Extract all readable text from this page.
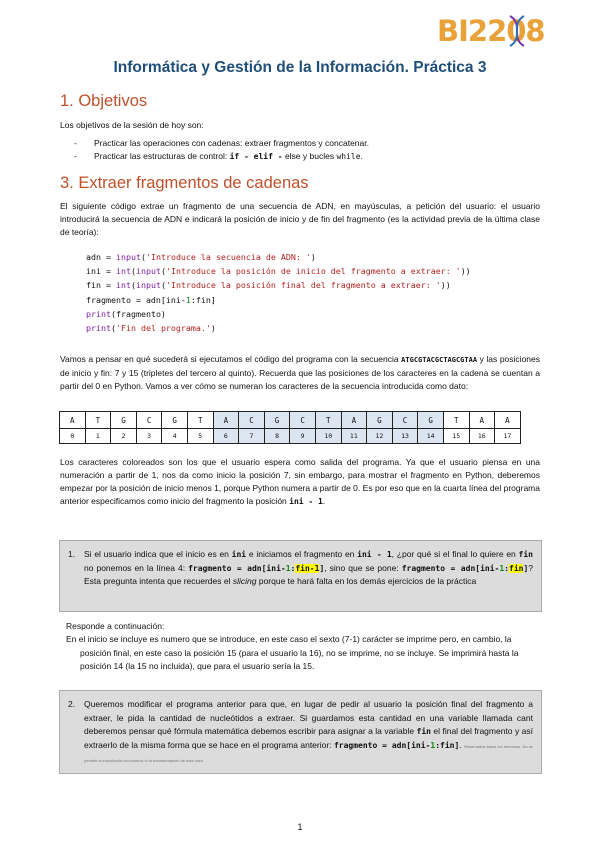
BI2208
Informática y Gestión de la Información. Práctica 3
1. Objetivos
Los objetivos de la sesión de hoy son:
- Practicar las operaciones con cadenas: extraer fragmentos y concatenar.
- Practicar las estructuras de control: if - elif - else y bucles while.
3. Extraer fragmentos de cadenas
El siguiente código extrae un fragmento de una secuencia de ADN, en mayúsculas, a petición del usuario: el usuario introducirá la secuencia de ADN e indicará la posición de inicio y de fin del fragmento (es la actividad previa de la última clase de teoría):
adn = input('Introduce la secuencia de ADN: ')
ini = int(input('Introduce la posición de inicio del fragmento a extraer: '))
fin = int(input('Introduce la posición final del fragmento a extraer: '))
fragmento = adn[ini-1:fin]
print(fragmento)
print('Fin del programa.')
Vamos a pensar en qué sucederá si ejecutamos el código del programa con la secuencia ATGCGTACGCTAGCGTAA y las posiciones de inicio y fin: 7 y 15 (tripletes del tercero al quinto). Recuerda que las posiciones de los caracteres en la cadena se cuentan a partir del 0 en Python. Vamos a ver cómo se numeran los caracteres de la secuencia introducida como dato:
A	T	G	C	G	T	A	C	G	C	T	A	G	C	G	T	A	A
0	1	2	3	4	5	6	7	8	9	10	11	12	13	14	15	16	17
Los caracteres coloreados son los que el usuario espera como salida del programa. Ya que el usuario piensa en una numeración a partir de 1, nos da como inicio la posición 7, sin embargo, para mostrar el fragmento en Python, deberemos empezar por la posición de inicio menos 1, porque Python numera a partir de 0. Es por eso que en la cuarta línea del programa anterior especificamos como inicio del fragmento la posición ini - 1.
1. Si el usuario indica que el inicio es en ini e iniciamos el fragmento en ini - 1, ¿por qué si el final lo quiere en fin no ponemos en la línea 4: fragmento = adn[ini-1:fin-1], sino que se pone: fragmento = adn[ini-1:fin]? Esta pregunta intenta que recuerdes el slicing porque te hará falta en los demás ejercicios de la práctica
Responde a continuación:
En el inicio se incluye es numero que se introduce, en este caso el sexto (7-1) carácter se imprime pero, en cambio, la posición final, en este caso la posición 15 (para el usuario la 16), no se imprime, no se incluye. Se imprimirá hasta la posición 14 (la 15 no incluida), que para el usuario sería la 15.
2. Queremos modificar el programa anterior para que, en lugar de pedir al usuario la posición final del fragmento a extraer, le pida la cantidad de nucleótidos a extraer. Si guardamos esta cantidad en una variable llamada cant deberemos pensar qué fórmula matemática debemos escribir para asignar a la variable fin el final del fragmento y así extraerlo de la misma forma que se hace en el programa anterior: fragmento = adn[ini-1:fin]. Reservados todos los derechos. No se permite la explotación económica ni la transformación de esta obra.
1
